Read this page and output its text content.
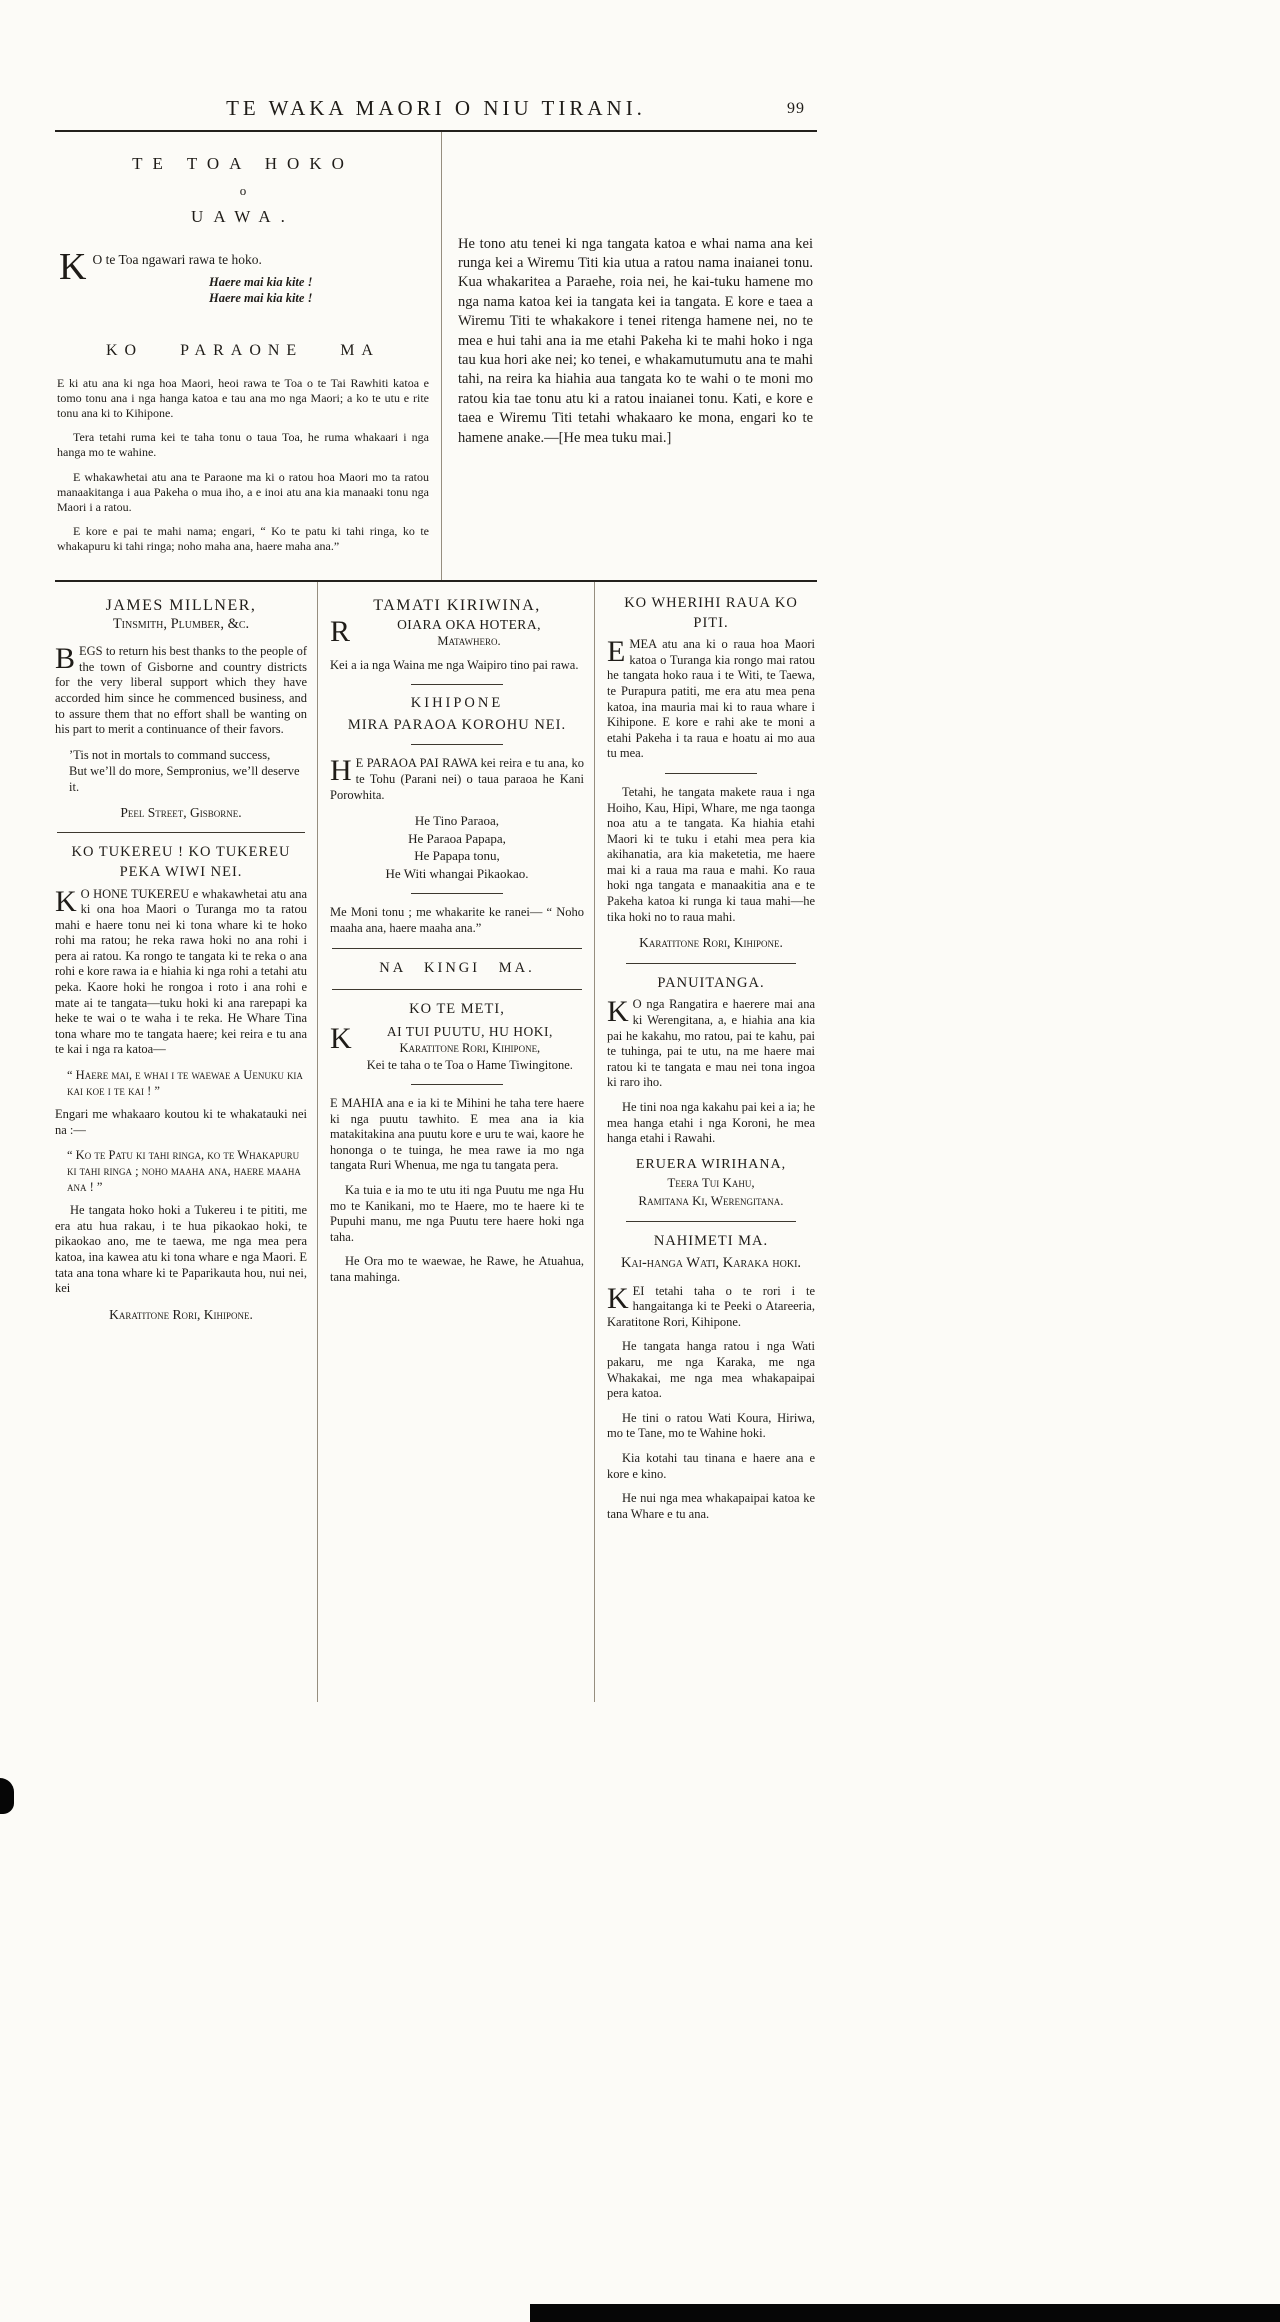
TE WAKA MAORI O NIU TIRANI.	99
TE TOA HOKO
o
UAWA.
K O te Toa ngawari rawa te hoko.
Haere mai kia kite !
Haere mai kia kite !
KO PARAONE MA

E ki atu ana ki nga hoa Maori, heoi rawa te Toa o te Tai Rawhiti katoa e tomo tonu ana i nga hanga katoa e tau ana mo nga Maori; a ko te utu e rite tonu ana ki to Kihipone.

Tera tetahi ruma kei te taha tonu o taua Toa, he ruma whakaari i nga hanga mo te wahine.

E whakawhetai atu ana te Paraone ma ki o ratou hoa Maori mo ta ratou manaakitanga i aua Pakeha o mua iho, a e inoi atu ana kia manaaki tonu nga Maori i a ratou.

E kore e pai te mahi nama; engari, “ Ko te patu ki tahi ringa, ko te whakapuru ki tahi ringa; noho maha ana, haere maha ana.”

He tono atu tenei ki nga tangata katoa e whai nama ana kei runga kei a Wiremu Titi kia utua a ratou nama inaianei tonu. Kua whakaritea a Paraehe, roia nei, he kai-tuku hamene mo nga nama katoa kei ia tangata kei ia tangata. E kore e taea a Wiremu Titi te whakakore i tenei ritenga hamene nei, no te mea e hui tahi ana ia me etahi Pakeha ki te mahi hoko i nga tau kua hori ake nei; ko tenei, e whakamutumutu ana te mahi tahi, na reira ka hiahia aua tangata ko te wahi o te moni mo ratou kia tae tonu atu ki a ratou inaianei tonu. Kati, e kore e taea e Wiremu Titi tetahi whakaaro ke mona, engari ko te hamene anake.—[He mea tuku mai.]

JAMES MILLNER,
Tinsmith, Plumber, &c.

BEGS to return his best thanks to the people of the town of Gisborne and country districts for the very liberal support which they have accorded him since he commenced business, and to assure them that no effort shall be wanting on his part to merit a continuance of their favors.

’Tis not in mortals to command success,
But we’ll do more, Sempronius, we’ll deserve it.
Peel Street, Gisborne.
KO TUKEREU ! KO TUKEREU
PEKA WIWI NEI.

K O HONE TUKEREU e whakawhetai atu ana ki ona hoa Maori o Turanga mo ta ratou mahi e haere tonu nei ki tona whare ki te hoko rohi ma ratou; he reka rawa hoki no ana rohi i pera ai ratou. Ka rongo te tangata ki te reka o ana rohi e kore rawa ia e hiahia ki nga rohi a tetahi atu peka. Kaore hoki he rongoa i roto i ana rohi e mate ai te tangata—tuku hoki ki ana rarepapi ka heke te wai o te waha i te reka. He Whare Tina tona whare mo te tangata haere; kei reira e tu ana te kai i nga ra katoa—

“ Haere mai, e whai i te waewae a Uenuku kia kai koe i te kai ! ”

Engari me whakaaro koutou ki te whakatauki nei na :—

“ Ko te Patu ki tahi ringa, ko te Whakapuru ki tahi ringa ; noho maaha ana, haere maaha ana ! ”

He tangata hoko hoki a Tukereu i te pititi, me era atu hua rakau, i te hua pikaokao hoki, te pikaokao ano, me te taewa, me nga mea pera katoa, ina kawea atu ki tona whare e nga Maori. E tata ana tona whare ki te Paparikauta hou, nui nei, kei

Karatitone Rori, Kihipone.
TAMATI KIRIWINA,
R	OIARA OKA HOTERA,
Matawhero.

Kei a ia nga Waina me nga Waipiro tino pai rawa.

KIHIPONE
MIRA PARAOA KOROHU NEI.

H E PARAOA PAI RAWA kei reira e tu ana, ko te Tohu (Parani nei) o taua paraoa he Kani Porowhita.

He Tino Paraoa,
He Paraoa Papapa,
He Papapa tonu,
He Witi whangai Pikaokao.

Me Moni tonu ; me whakarite ke ranei— “ Noho maaha ana, haere maaha ana.”

NA KINGI MA.
KO TE METI,
K	AI TUI PUUTU, HU HOKI,
Karatitone Rori, Kihipone,
Kei te taha o te Toa o Hame Tiwingitone.

E MAHIA ana e ia ki te Mihini he taha tere haere ki nga puutu tawhito. E mea ana ia kia matakitakina ana puutu kore e uru te wai, kaore he hononga o te tuinga, he mea rawe ia mo nga tangata Ruri Whenua, me nga tu tangata pera.

Ka tuia e ia mo te utu iti nga Puutu me nga Hu mo te Kanikani, mo te Haere, mo te haere ki te Pupuhi manu, me nga Puutu tere haere hoki nga taha.

He Ora mo te waewae, he Rawe, he Atuahua, tana mahinga.

KO WHERIHI RAUA KO
PITI.

EMEA atu ana ki o raua hoa Maori katoa o Turanga kia rongo mai ratou he tangata hoko raua i te Witi, te Taewa, te Purapura patiti, me era atu mea pena katoa, ina mauria mai ki to raua whare i Kihipone. E kore e rahi ake te moni a etahi Pakeha i ta raua e hoatu ai mo aua tu mea.

Tetahi, he tangata makete raua i nga Hoiho, Kau, Hipi, Whare, me nga taonga noa atu a te tangata. Ka hiahia etahi Maori ki te tuku i etahi mea pera kia akihanatia, ara kia maketetia, me haere mai ki a raua ma raua e mahi. Ko raua hoki nga tangata e manaakitia ana e te Pakeha katoa ki runga ki taua mahi—he tika hoki no to raua mahi.

Karatitone Rori, Kihipone.
PANUITANGA.

K O nga Rangatira e haerere mai ana ki Werengitana, a, e hiahia ana kia pai he kakahu, mo ratou, pai te kahu, pai te tuhinga, pai te utu, na me haere mai ratou ki te tangata e mau nei tona ingoa ki raro iho.

He tini noa nga kakahu pai kei a ia; he mea hanga etahi i nga Koroni, he mea hanga etahi i Rawahi.

ERUERA WIRIHANA,
Teera Tui Kahu,
Ramitana Ki, Werengitana.
NAHIMETI MA.
Kai-hanga Wati, Karaka hoki.

KEI tetahi taha o te rori i te hangaitanga ki te Peeki o Atareeria, Karatitone Rori, Kihipone.

He tangata hanga ratou i nga Wati pakaru, me nga Karaka, me nga Whakakai, me nga mea whakapaipai pera katoa.

He tini o ratou Wati Koura, Hiriwa, mo te Tane, mo te Wahine hoki.

Kia kotahi tau tinana e haere ana e kore e kino.

He nui nga mea whakapaipai katoa ke tana Whare e tu ana.
